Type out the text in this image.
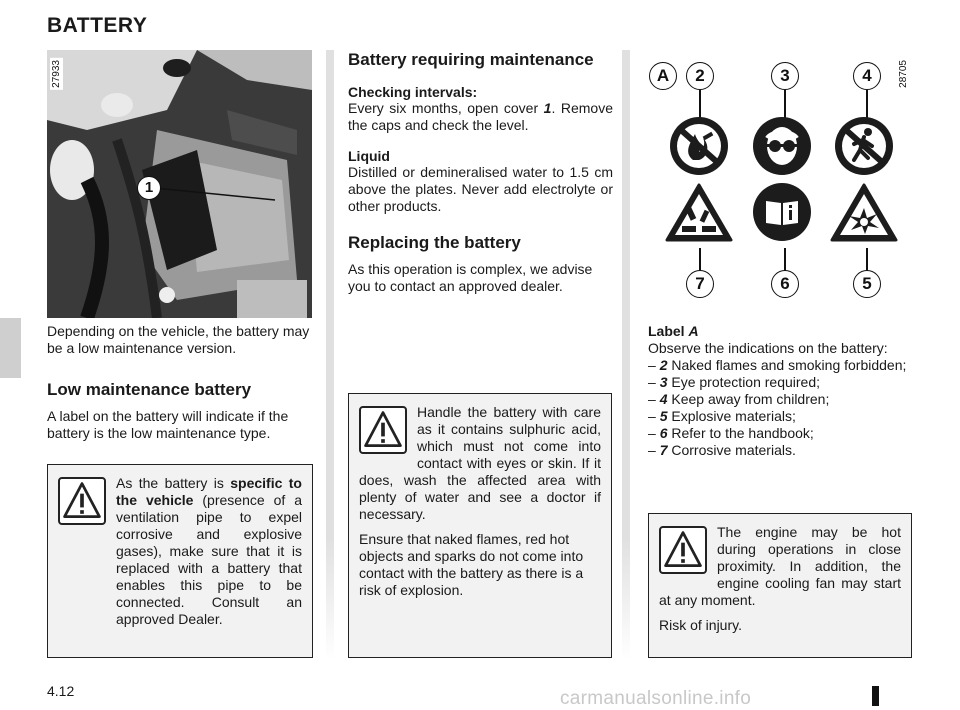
BATTERY
27933
1
Depending on the vehicle, the battery may be a low maintenance version.
Low maintenance battery
A label on the battery will indicate if the battery is the low maintenance type.
As the battery is specific to the vehicle (presence of a ventilation pipe to expel corrosive and explosive gases), make sure that it is replaced with a battery that enables this pipe to be connected. Consult an approved Dealer.
Battery requiring maintenance
Checking intervals:
Every six months, open cover 1. Remove the caps and check the level.
Liquid
Distilled or demineralised water to 1.5 cm above the plates. Never add electrolyte or other products.
Replacing the battery
As this operation is complex, we advise you to contact an approved dealer.

Handle the battery with care as it contains sulphuric acid, which must not come into contact with eyes or skin. If it does, wash the affected area with plenty of water and see a doctor if necessary.

Ensure that naked flames, red hot objects and sparks do not come into contact with the battery as there is a risk of explosion.

28705
A	2	3	4
7	6	5
Label A
Observe the indications on the battery:
– 2 Naked flames and smoking forbidden;
– 3 Eye protection required;
– 4 Keep away from children;
– 5 Explosive materials;
– 6 Refer to the handbook;
– 7 Corrosive materials.

The engine may be hot during operations in close proximity. In addition, the engine cooling fan may start at any moment.

Risk of injury.

4.12	carmanualsonline.info
